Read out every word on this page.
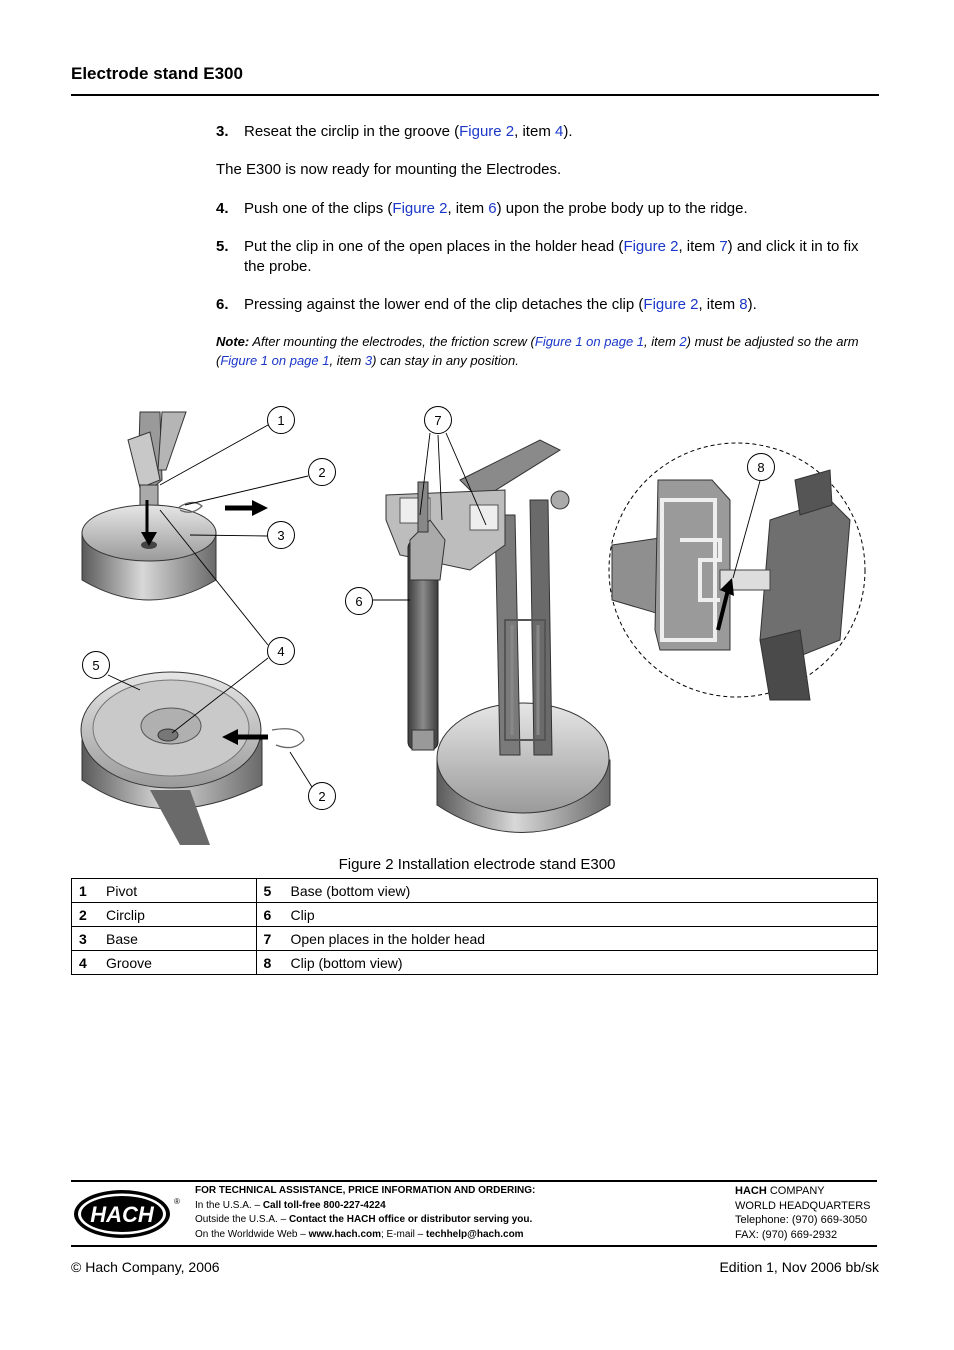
Electrode stand E300
3. Reseat the circlip in the groove (Figure 2, item 4).
The E300 is now ready for mounting the Electrodes.
4. Push one of the clips (Figure 2, item 6) upon the probe body up to the ridge.
5. Put the clip in one of the open places in the holder head (Figure 2, item 7) and click it in to fix the probe.
6. Pressing against the lower end of the clip detaches the clip (Figure 2, item 8).
Note: After mounting the electrodes, the friction screw (Figure 1 on page 1, item 2) must be adjusted so the arm (Figure 1 on page 1, item 3) can stay in any position.
1
2
3
4
5
2
6
7
8
Figure 2 Installation electrode stand E300
1	Pivot	5	Base (bottom view)
2	Circlip	6	Clip
3	Base	7	Open places in the holder head
4	Groove	8	Clip (bottom view)
HACH
®
FOR TECHNICAL ASSISTANCE, PRICE INFORMATION AND ORDERING:
In the U.S.A. – Call toll-free 800-227-4224
Outside the U.S.A. – Contact the HACH office or distributor serving you.
On the Worldwide Web – www.hach.com; E-mail – techhelp@hach.com
HACH COMPANY
WORLD HEADQUARTERS
Telephone: (970) 669-3050
FAX: (970) 669-2932
© Hach Company, 2006	Edition 1, Nov 2006 bb/sk
